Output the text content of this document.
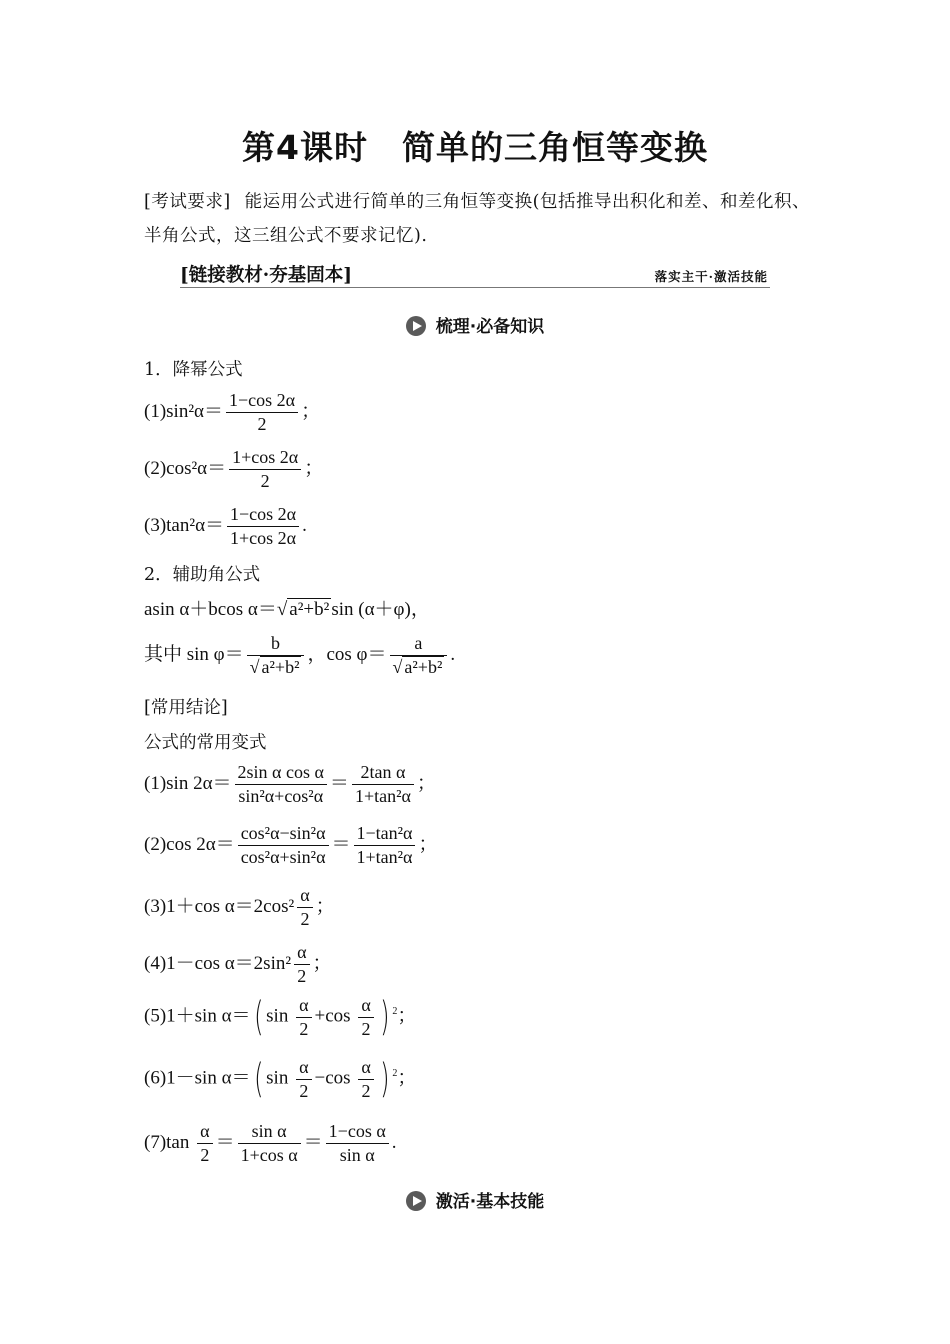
第4课时　简单的三角恒等变换
[考试要求] 能运用公式进行简单的三角恒等变换(包括推导出积化和差、和差化积、半角公式，这三组公式不要求记忆).
[链接教材·夯基固本]	落实主干·激活技能
梳理·必备知识
1．降幂公式
$(1)\sin^2\alpha= \frac{1-\cos 2\alpha}{2}$ ；
$(2)\cos^2\alpha= \frac{1+\cos 2\alpha}{2}$ ；
$(3)\tan^2\alpha= \frac{1-\cos 2\alpha}{1+\cos 2\alpha}$ .
2．辅助角公式
asin α＋bcos α＝√ a²+b² sin (α＋φ)，
其中 $\sin \varphi= \frac{b}{\text{√ a²+b²}}$ ，$\cos \varphi= \frac{a}{\text{√ a²+b²}}$ .
[常用结论]
公式的常用变式
(1)sin $2\alpha= \frac{\text{2sin α cos α}}{\text{sin²α+cos²α}} = \frac{\text{2tan α}}{\text{1+tan²α}}$ ；
(2)cos $2\alpha= \frac{\text{cos²α−sin²α}}{\text{cos²α+sin²α}} = \frac{\text{1−tan²α}}{\text{1+tan²α}}$ ；
(3)1＋cos $\alpha=2\cos^2 \frac{\alpha}{2}$ ；
(4)1－cos $\alpha=2\sin^2 \frac{\alpha}{2}$ ；
(5)1＋sin α＝( $\sin \frac{\alpha}{2} +\cos \frac{\alpha}{2}$ ) $^2$；
(6)1－sin α＝( $\sin \frac{\alpha}{2} -\cos \frac{\alpha}{2}$ ) $^2$；
$(7)\tan \frac{\alpha}{2} = \frac{\text{sin α}}{\text{1+cos α}} = \frac{\text{1−cos α}}{\text{sin α}}$ .
激活·基本技能
